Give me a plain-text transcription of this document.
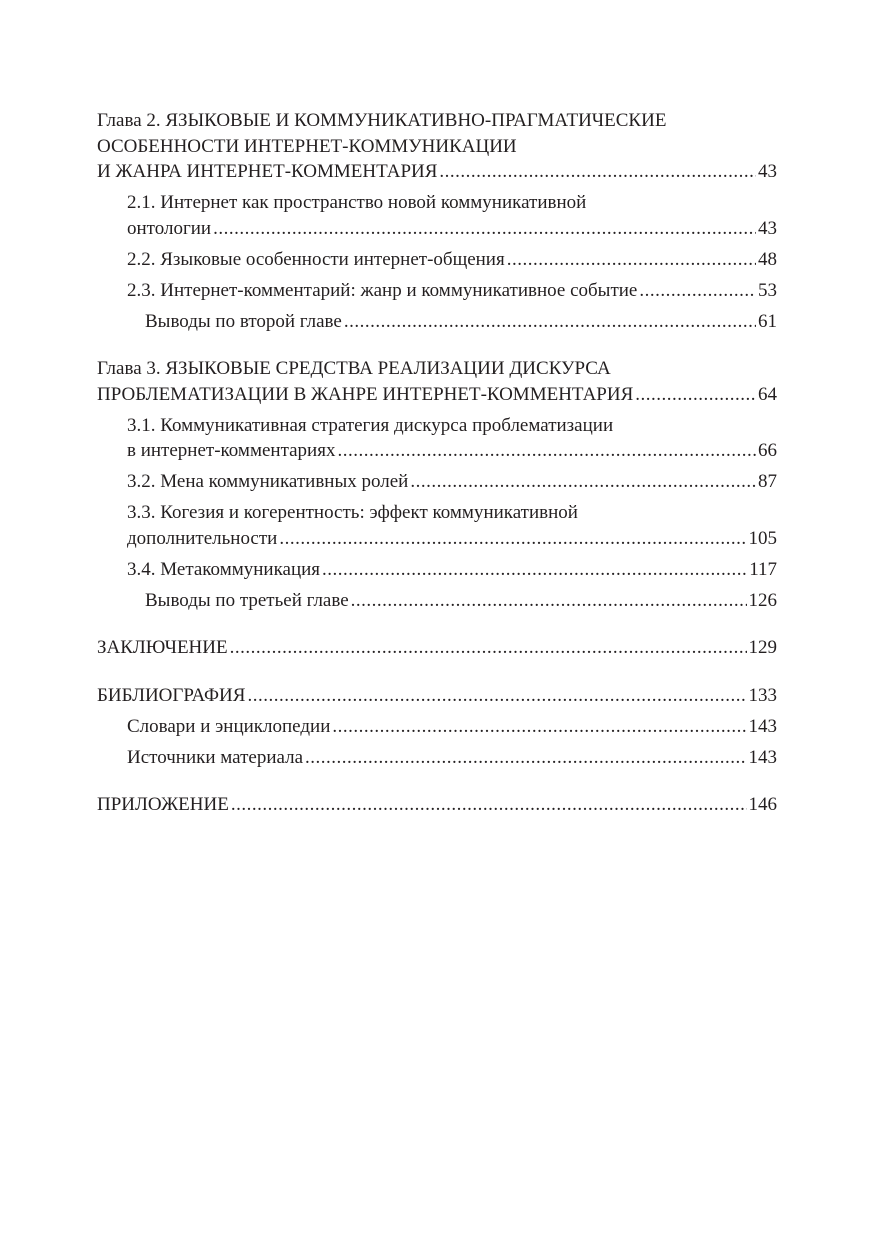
Глава 2. ЯЗЫКОВЫЕ И КОММУНИКАТИВНО-ПРАГМАТИЧЕСКИЕ
ОСОБЕННОСТИ ИНТЕРНЕТ-КОММУНИКАЦИИ
И ЖАНРА ИНТЕРНЕТ-КОММЕНТАРИЯ .....	43
2.1. Интернет как пространство новой коммуникативной
онтологии .....	43
2.2. Языковые особенности интернет-общения .....	48
2.3. Интернет-комментарий: жанр и коммуникативное событие .....	53
Выводы по второй главе .....	61
Глава 3. ЯЗЫКОВЫЕ СРЕДСТВА РЕАЛИЗАЦИИ ДИСКУРСА
ПРОБЛЕМАТИЗАЦИИ В ЖАНРЕ ИНТЕРНЕТ-КОММЕНТАРИЯ .....	64
3.1. Коммуникативная стратегия дискурса проблематизации
в интернет-комментариях .....	66
3.2. Мена коммуникативных ролей .....	87
3.3. Когезия и когерентность: эффект коммуникативной
дополнительности .....	105
3.4. Метакоммуникация .....	117
Выводы по третьей главе .....	126
ЗАКЛЮЧЕНИЕ .....	129
БИБЛИОГРАФИЯ .....	133
Словари и энциклопедии .....	143
Источники материала .....	143
ПРИЛОЖЕНИЕ .....	146
